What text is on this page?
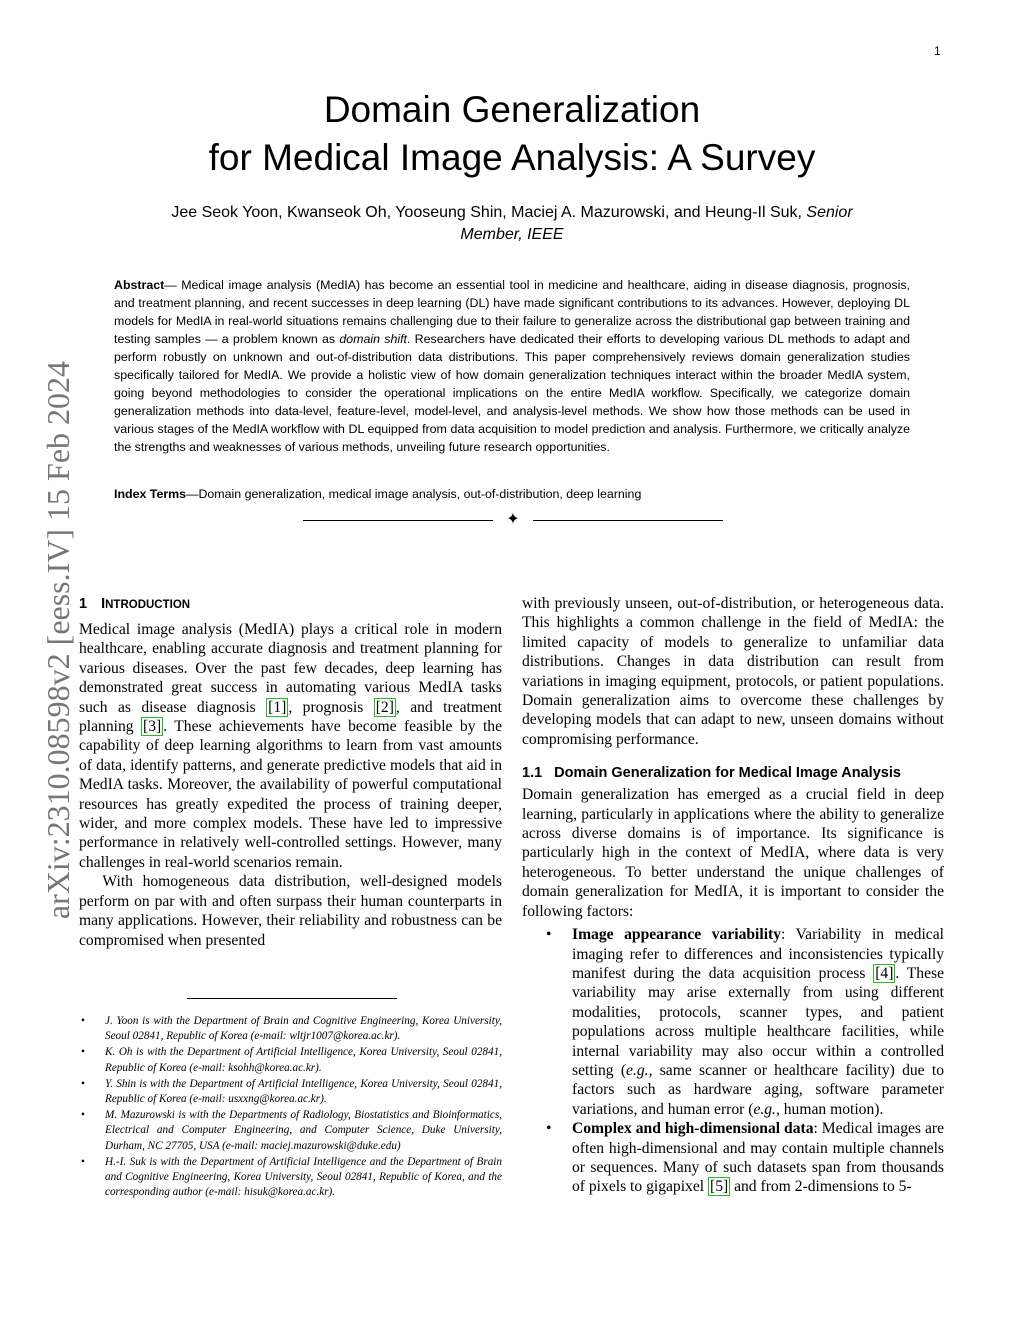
1
arXiv:2310.08598v2 [eess.IV] 15 Feb 2024
Domain Generalization
for Medical Image Analysis: A Survey
Jee Seok Yoon, Kwanseok Oh, Yooseung Shin, Maciej A. Mazurowski, and Heung-Il Suk, Senior
Member, IEEE

Abstract— Medical image analysis (MedIA) has become an essential tool in medicine and healthcare, aiding in disease diagnosis, prognosis, and treatment planning, and recent successes in deep learning (DL) have made significant contributions to its advances. However, deploying DL models for MedIA in real-world situations remains challenging due to their failure to generalize across the distributional gap between training and testing samples — a problem known as domain shift. Researchers have dedicated their efforts to developing various DL methods to adapt and perform robustly on unknown and out-of-distribution data distributions. This paper comprehensively reviews domain generalization studies specifically tailored for MedIA. We provide a holistic view of how domain generalization techniques interact within the broader MedIA system, going beyond methodologies to consider the operational implications on the entire MedIA workflow. Specifically, we categorize domain generalization methods into data-level, feature-level, model-level, and analysis-level methods. We show how those methods can be used in various stages of the MedIA workflow with DL equipped from data acquisition to model prediction and analysis. Furthermore, we critically analyze the strengths and weaknesses of various methods, unveiling future research opportunities.

Index Terms—Domain generalization, medical image analysis, out-of-distribution, deep learning
✦
1 INTRODUCTION

Medical image analysis (MedIA) plays a critical role in modern healthcare, enabling accurate diagnosis and treatment planning for various diseases. Over the past few decades, deep learning has demonstrated great success in automating various MedIA tasks such as disease diagnosis [1] , prognosis [2] , and treatment planning [3] . These achievements have become feasible by the capability of deep learning algorithms to learn from vast amounts of data, identify patterns, and generate predictive models that aid in MedIA tasks. Moreover, the availability of powerful computational resources has greatly expedited the process of training deeper, wider, and more complex models. These have led to impressive performance in relatively well-controlled settings. However, many challenges in real-world scenarios remain.

With homogeneous data distribution, well-designed models perform on par with and often surpass their human counterparts in many applications. However, their reliability and robustness can be compromised when presented

• J. Yoon is with the Department of Brain and Cognitive Engineering, Korea University, Seoul 02841, Republic of Korea (e-mail: wltjr1007@korea.ac.kr).
• K. Oh is with the Department of Artificial Intelligence, Korea University, Seoul 02841, Republic of Korea (e-mail: ksohh@korea.ac.kr).
• Y. Shin is with the Department of Artificial Intelligence, Korea University, Seoul 02841, Republic of Korea (e-mail: usxxng@korea.ac.kr).
• M. Mazurowski is with the Departments of Radiology, Biostatistics and Bioinformatics, Electrical and Computer Engineering, and Computer Science, Duke University, Durham, NC 27705, USA (e-mail: maciej.mazurowski@duke.edu)
• H.-I. Suk is with the Department of Artificial Intelligence and the Department of Brain and Cognitive Engineering, Korea University, Seoul 02841, Republic of Korea, and the corresponding author (e-mail: hisuk@korea.ac.kr).

with previously unseen, out-of-distribution, or heterogeneous data. This highlights a common challenge in the field of MedIA: the limited capacity of models to generalize to unfamiliar data distributions. Changes in data distribution can result from variations in imaging equipment, protocols, or patient populations. Domain generalization aims to overcome these challenges by developing models that can adapt to new, unseen domains without compromising performance.

1.1 Domain Generalization for Medical Image Analysis

Domain generalization has emerged as a crucial field in deep learning, particularly in applications where the ability to generalize across diverse domains is of importance. Its significance is particularly high in the context of MedIA, where data is very heterogeneous. To better understand the unique challenges of domain generalization for MedIA, it is important to consider the following factors:

• Image appearance variability: Variability in medical imaging refer to differences and inconsistencies typically manifest during the data acquisition process [4] . These variability may arise externally from using different modalities, protocols, scanner types, and patient populations across multiple healthcare facilities, while internal variability may also occur within a controlled setting (e.g., same scanner or healthcare facility) due to factors such as hardware aging, software parameter variations, and human error (e.g., human motion).
• Complex and high-dimensional data: Medical images are often high-dimensional and may contain multiple channels or sequences. Many of such datasets span from thousands of pixels to gigapixel [5] and from 2-dimensions to 5-
